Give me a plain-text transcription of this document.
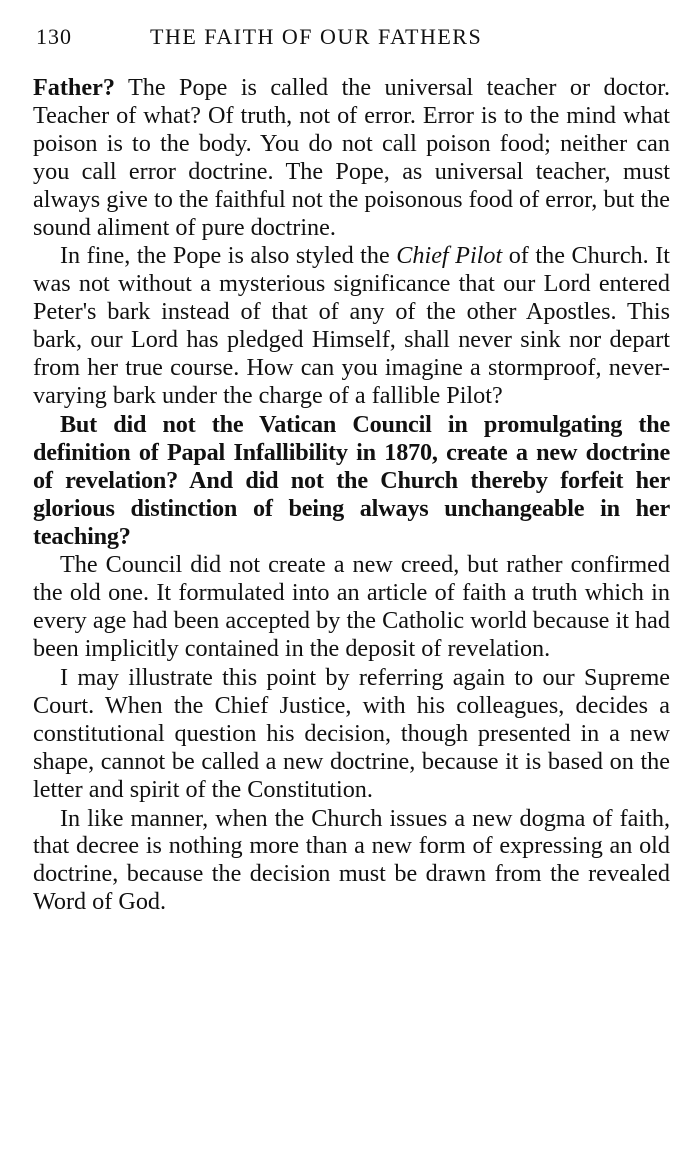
130	THE FAITH OF OUR FATHERS

Father? The Pope is called the universal teacher or doctor. Teacher of what? Of truth, not of error. Error is to the mind what poison is to the body. You do not call poison food; neither can you call error doctrine. The Pope, as universal teacher, must always give to the faithful not the poisonous food of error, but the sound aliment of pure doctrine.

In fine, the Pope is also styled the Chief Pilot of the Church. It was not without a mysterious significance that our Lord entered Peter's bark instead of that of any of the other Apostles. This bark, our Lord has pledged Himself, shall never sink nor depart from her true course. How can you imagine a stormproof, never-varying bark under the charge of a fallible Pilot?

But did not the Vatican Council in promulgating the definition of Papal Infallibility in 1870, create a new doctrine of revelation? And did not the Church thereby forfeit her glorious distinction of being always unchangeable in her teaching?

The Council did not create a new creed, but rather confirmed the old one. It formulated into an article of faith a truth which in every age had been accepted by the Catholic world because it had been implicitly contained in the deposit of revelation.

I may illustrate this point by referring again to our Supreme Court. When the Chief Justice, with his colleagues, decides a constitutional question his decision, though presented in a new shape, cannot be called a new doctrine, because it is based on the letter and spirit of the Constitution.

In like manner, when the Church issues a new dogma of faith, that decree is nothing more than a new form of expressing an old doctrine, because the decision must be drawn from the revealed Word of God.
